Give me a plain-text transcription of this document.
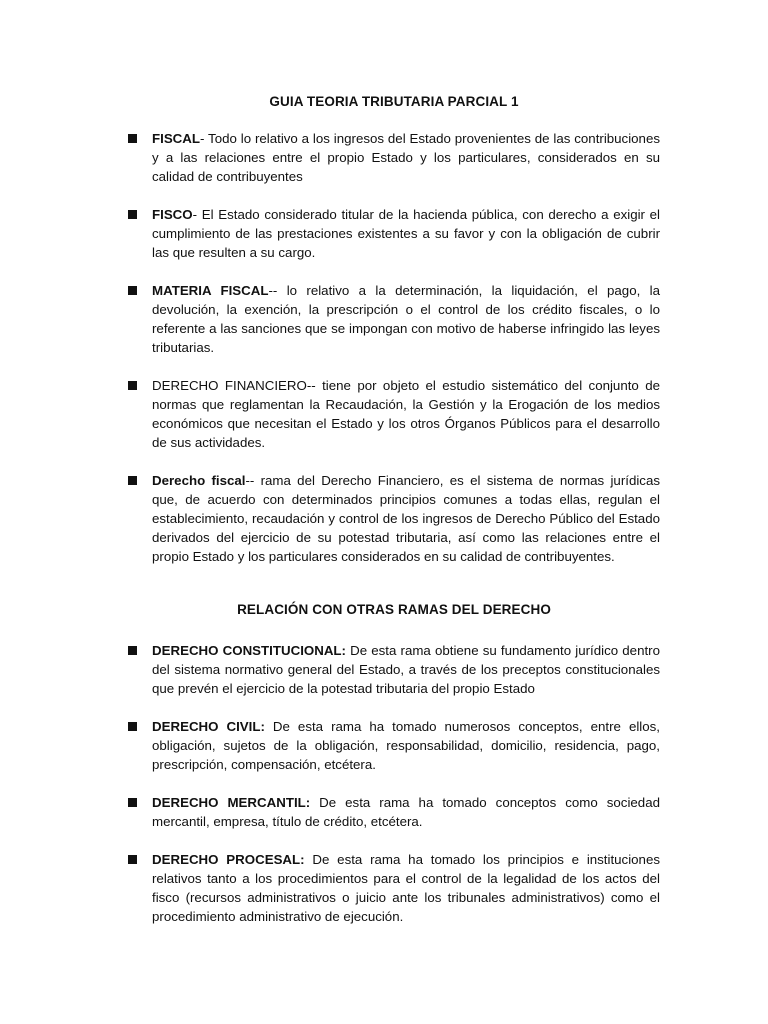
GUIA TEORIA TRIBUTARIA PARCIAL 1
FISCAL- Todo lo relativo a los ingresos del Estado provenientes de las contribuciones y a las relaciones entre el propio Estado y los particulares, considerados en su calidad de contribuyentes
FISCO- El Estado considerado titular de la hacienda pública, con derecho a exigir el cumplimiento de las prestaciones existentes a su favor y con la obligación de cubrir las que resulten a su cargo.
MATERIA FISCAL-- lo relativo a la determinación, la liquidación, el pago, la devolución, la exención, la prescripción o el control de los crédito fiscales, o lo referente a las sanciones que se impongan con motivo de haberse infringido las leyes tributarias.
DERECHO FINANCIERO-- tiene por objeto el estudio sistemático del conjunto de normas que reglamentan la Recaudación, la Gestión y la Erogación de los medios económicos que necesitan el Estado y los otros Órganos Públicos para el desarrollo de sus actividades.
Derecho fiscal-- rama del Derecho Financiero, es el sistema de normas jurídicas que, de acuerdo con determinados principios comunes a todas ellas, regulan el establecimiento, recaudación y control de los ingresos de Derecho Público del Estado derivados del ejercicio de su potestad tributaria, así como las relaciones entre el propio Estado y los particulares considerados en su calidad de contribuyentes.
RELACIÓN CON OTRAS RAMAS DEL DERECHO
DERECHO CONSTITUCIONAL: De esta rama obtiene su fundamento jurídico dentro del sistema normativo general del Estado, a través de los preceptos constitucionales que prevén el ejercicio de la potestad tributaria del propio Estado
DERECHO CIVIL: De esta rama ha tomado numerosos conceptos, entre ellos, obligación, sujetos de la obligación, responsabilidad, domicilio, residencia, pago, prescripción, compensación, etcétera.
DERECHO MERCANTIL: De esta rama ha tomado conceptos como sociedad mercantil, empresa, título de crédito, etcétera.
DERECHO PROCESAL: De esta rama ha tomado los principios e instituciones relativos tanto a los procedimientos para el control de la legalidad de los actos del fisco (recursos administrativos o juicio ante los tribunales administrativos) como el procedimiento administrativo de ejecución.
